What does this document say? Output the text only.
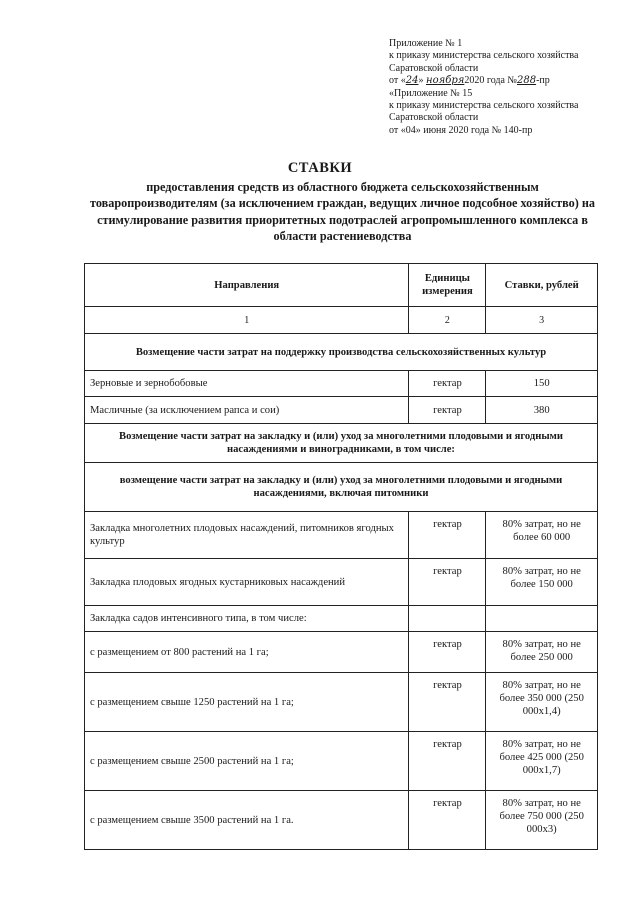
Приложение № 1
к приказу министерства сельского хозяйства
Саратовской области
от «24» ноября2020 года №288-пр
«Приложение № 15
к приказу министерства сельского хозяйства
Саратовской области
от «04» июня 2020 года № 140-пр
СТАВКИ
предоставления средств из областного бюджета сельскохозяйственным товаропроизводителям (за исключением граждан, ведущих личное подсобное хозяйство) на стимулирование развития приоритетных подотраслей агропромышленного комплекса в области растениеводства
Направления	Единицы измерения	Ставки, рублей
1	2	3
Возмещение части затрат на поддержку производства сельскохозяйственных культур		
Зерновые и зернобобовые	гектар	150
Масличные (за исключением рапса и сои)	гектар	380
Возмещение части затрат на закладку и (или) уход за многолетними плодовыми и ягодными насаждениями и виноградниками, в том числе:		
возмещение части затрат на закладку и (или) уход за многолетними плодовыми и ягодными насаждениями, включая питомники		
Закладка многолетних плодовых насаждений, питомников ягодных культур	гектар	80% затрат, но не более 60 000
Закладка плодовых ягодных кустарниковых насаждений	гектар	80% затрат, но не более 150 000
Закладка садов интенсивного типа, в том числе:		
с размещением от 800 растений на 1 га;	гектар	80% затрат, но не более 250 000
с размещением свыше 1250 растений на 1 га;	гектар	80% затрат, но не более 350 000 (250 000х1,4)
с размещением свыше 2500 растений на 1 га;	гектар	80% затрат, но не более 425 000 (250 000х1,7)
с размещением свыше 3500 растений на 1 га.	гектар	80% затрат, но не более 750 000 (250 000х3)
